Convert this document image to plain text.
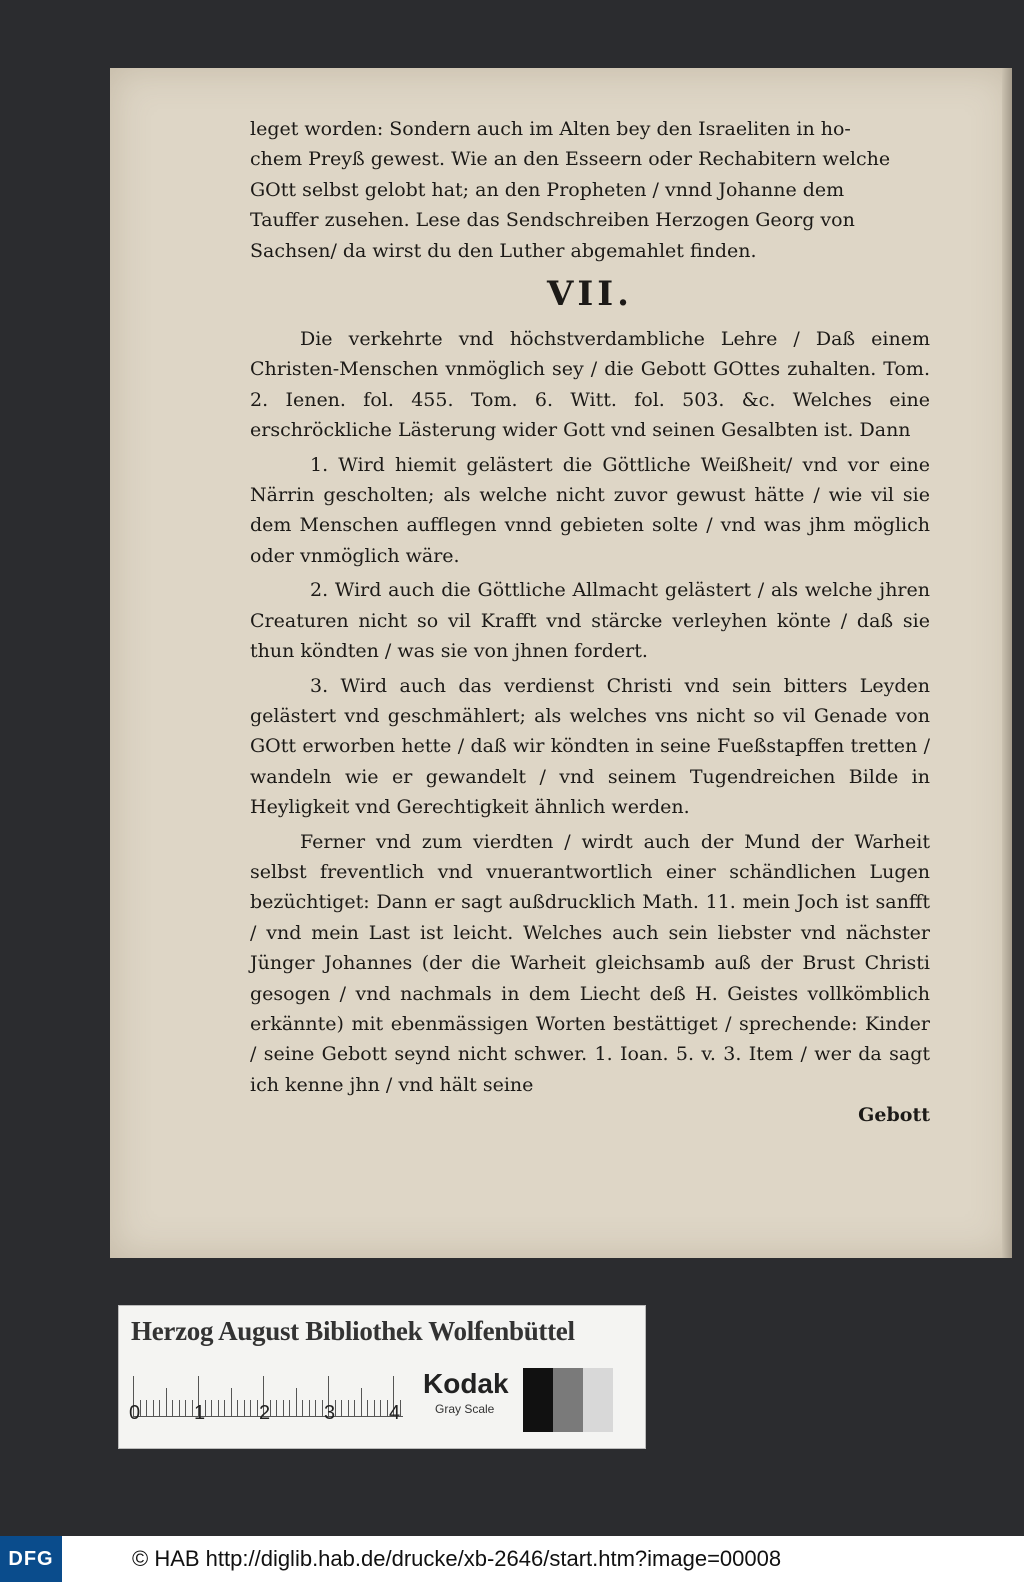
leget worden: Sondern auch im Alten bey den Israeliten in ho-

chem Preyß gewest. Wie an den Esseern oder Rechabitern welche

GOtt selbst gelobt hat; an den Propheten / vnnd Johanne dem

Tauffer zusehen. Lese das Sendschreiben Herzogen Georg von

Sachsen/ da wirst du den Luther abgemahlet finden.

VII.

Die verkehrte vnd höchstverdambliche Lehre / Daß einem Christen-Menschen vnmöglich sey / die Gebott GOttes zuhalten. Tom. 2. Ienen. fol. 455. Tom. 6. Witt. fol. 503. &c. Welches eine erschröckliche Lästerung wider Gott vnd seinen Gesalbten ist. Dann

1. Wird hiemit gelästert die Göttliche Weißheit/ vnd vor eine Närrin gescholten; als welche nicht zuvor gewust hätte / wie vil sie dem Menschen aufflegen vnnd gebieten solte / vnd was jhm möglich oder vnmöglich wäre.

2. Wird auch die Göttliche Allmacht gelästert / als welche jhren Creaturen nicht so vil Krafft vnd stärcke verleyhen könte / daß sie thun köndten / was sie von jhnen fordert.

3. Wird auch das verdienst Christi vnd sein bitters Leyden gelästert vnd geschmählert; als welches vns nicht so vil Genade von GOtt erworben hette / daß wir köndten in seine Fueßstapffen tretten / wandeln wie er gewandelt / vnd seinem Tugendreichen Bilde in Heyligkeit vnd Gerechtigkeit ähnlich werden.

Ferner vnd zum vierdten / wirdt auch der Mund der Warheit selbst freventlich vnd vnuerantwortlich einer schändlichen Lugen bezüchtiget: Dann er sagt außdrucklich Math. 11. mein Joch ist sanfft / vnd mein Last ist leicht. Welches auch sein liebster vnd nächster Jünger Johannes (der die Warheit gleichsamb auß der Brust Christi gesogen / vnd nachmals in dem Liecht deß H. Geistes vollkömblich erkännte) mit ebenmässigen Worten bestättiget / sprechende: Kinder / seine Gebott seynd nicht schwer. 1. Ioan. 5. v. 3. Item / wer da sagt ich kenne jhn / vnd hält seine

Gebott

Herzog August Bibliothek Wolfenbüttel
0	1	2	3	4
Kodak
Gray Scale
DFG	© HAB http://diglib.hab.de/drucke/xb-2646/start.htm?image=00008
